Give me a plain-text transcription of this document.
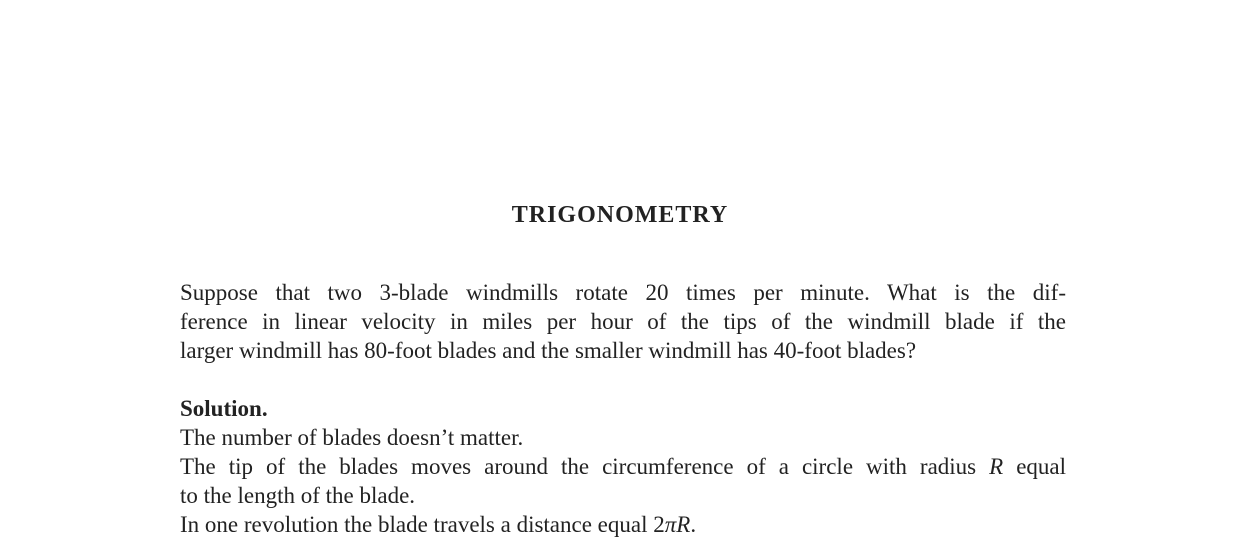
TRIGONOMETRY
Suppose that two 3-blade windmills rotate 20 times per minute. What is the dif-
ference in linear velocity in miles per hour of the tips of the windmill blade if the
larger windmill has 80-foot blades and the smaller windmill has 40-foot blades?
Solution.
The number of blades doesn’t matter.
The tip of the blades moves around the circumference of a circle with radius R equal
to the length of the blade.
In one revolution the blade travels a distance equal 2πR.
